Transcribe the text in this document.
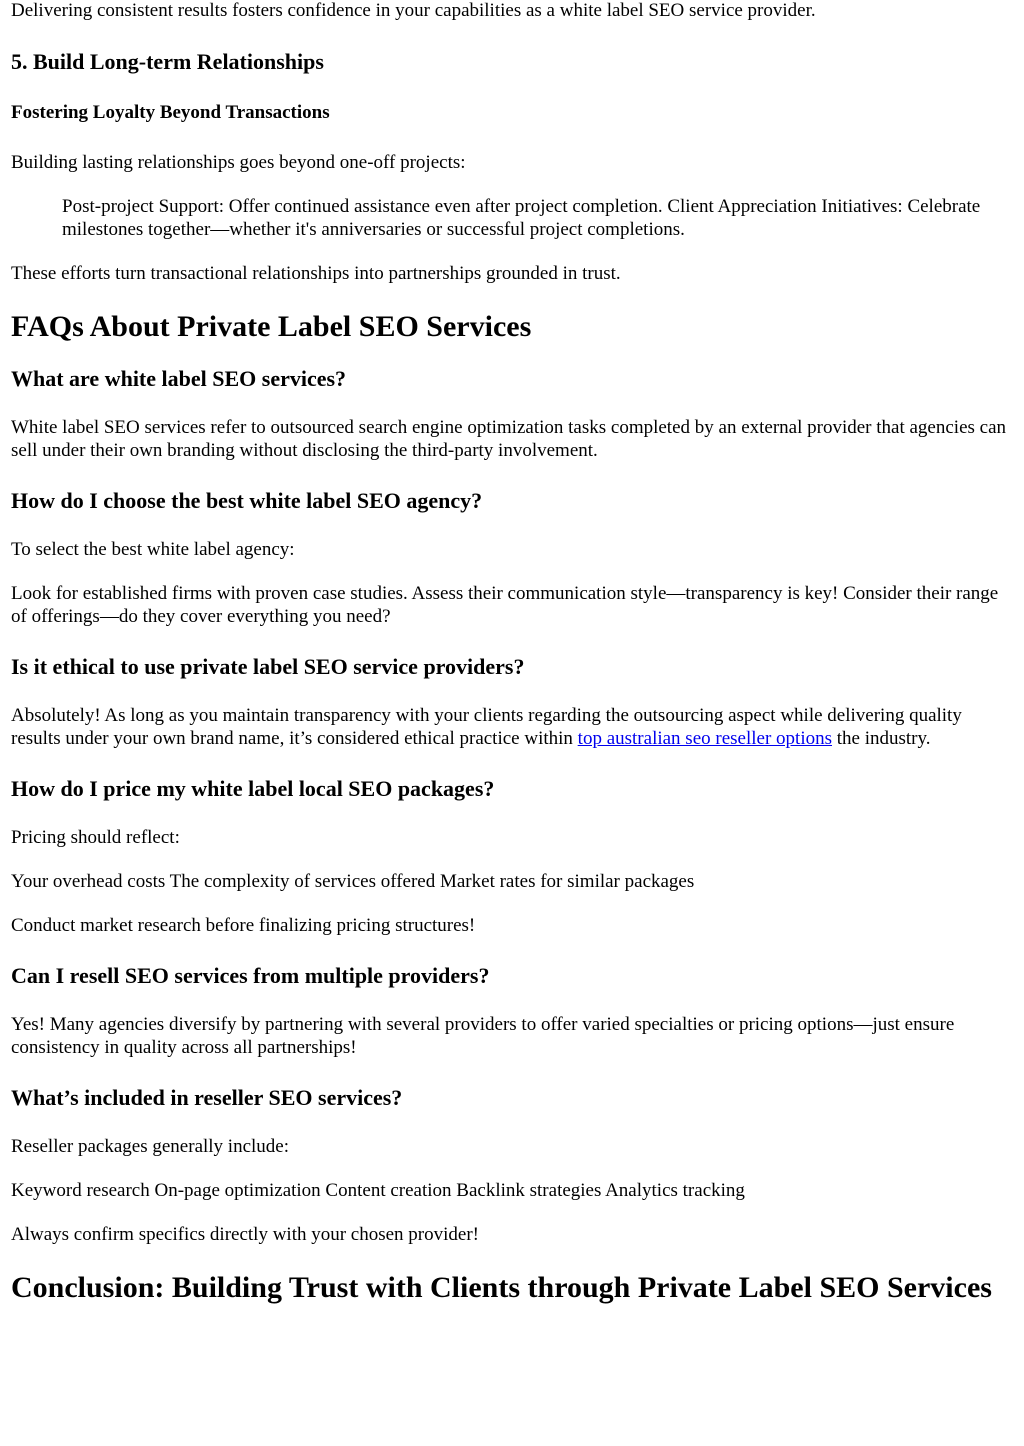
Delivering consistent results fosters confidence in your capabilities as a white label SEO service provider.

5. Build Long-term Relationships
Fostering Loyalty Beyond Transactions

Building lasting relationships goes beyond one-off projects:

Post-project Support: Offer continued assistance even after project completion. Client Appreciation Initiatives: Celebrate milestones together—whether it's anniversaries or successful project completions.

These efforts turn transactional relationships into partnerships grounded in trust.

FAQs About Private Label SEO Services
What are white label SEO services?

White label SEO services refer to outsourced search engine optimization tasks completed by an external provider that agencies can sell under their own branding without disclosing the third-party involvement.

How do I choose the best white label SEO agency?

To select the best white label agency:

Look for established firms with proven case studies. Assess their communication style—transparency is key! Consider their range of offerings—do they cover everything you need?

Is it ethical to use private label SEO service providers?

Absolutely! As long as you maintain transparency with your clients regarding the outsourcing aspect while delivering quality results under your own brand name, it’s considered ethical practice within top australian seo reseller options the industry.

How do I price my white label local SEO packages?

Pricing should reflect:

Your overhead costs The complexity of services offered Market rates for similar packages

Conduct market research before finalizing pricing structures!

Can I resell SEO services from multiple providers?

Yes! Many agencies diversify by partnering with several providers to offer varied specialties or pricing options—just ensure consistency in quality across all partnerships!

What’s included in reseller SEO services?

Reseller packages generally include:

Keyword research On-page optimization Content creation Backlink strategies Analytics tracking

Always confirm specifics directly with your chosen provider!

Conclusion: Building Trust with Clients through Private Label SEO Services
